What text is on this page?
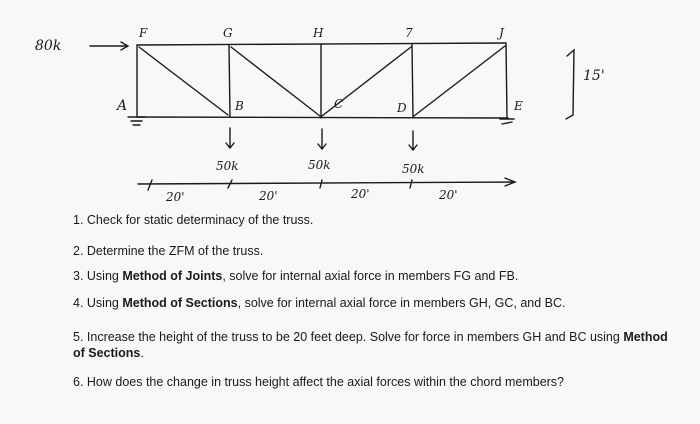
80k
F	G	H	7	J
A	B	C	D	E
15'
50k	50k	50k
20'	20'	20'	20'
1. Check for static determinacy of the truss.
2. Determine the ZFM of the truss.
3. Using Method of Joints, solve for internal axial force in members FG and FB.
4. Using Method of Sections, solve for internal axial force in members GH, GC, and BC.
5. Increase the height of the truss to be 20 feet deep. Solve for force in members GH and BC using Method of Sections.
6. How does the change in truss height affect the axial forces within the chord members?
